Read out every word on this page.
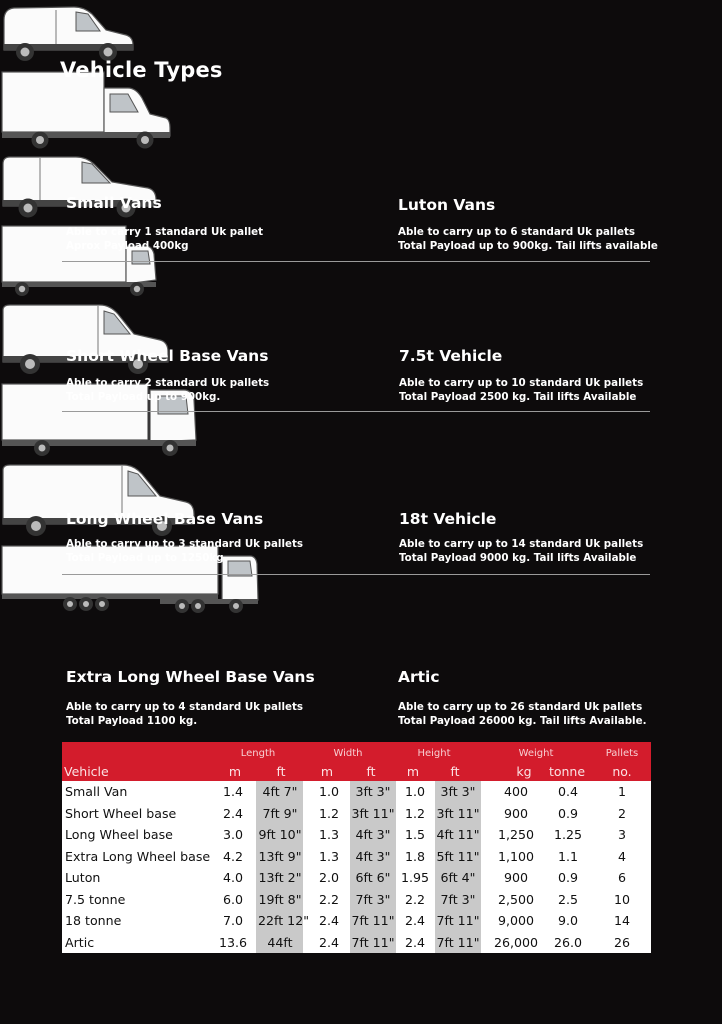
Vehicle Types
Small Vans
Able to carry 1 standard Uk pallet
Aprox Payload 400kg
Luton Vans
Able to carry up to 6 standard Uk pallets
Total Payload up to 900kg. Tail lifts available
Short Wheel Base Vans
Able to carry 2 standard Uk pallets
Total Payload up to 900kg.
7.5t Vehicle
Able to carry up to 10 standard Uk pallets
Total Payload 2500 kg. Tail lifts Available
Long Wheel Base Vans
Able to carry up to 3 standard Uk pallets
Total Payload up to 1250kg.
18t Vehicle
Able to carry up to 14 standard Uk pallets
Total Payload 9000 kg. Tail lifts Available
Extra Long Wheel Base Vans
Able to carry up to 4 standard Uk pallets
Total Payload 1100 kg.
Artic
Able to carry up to 26 standard Uk pallets
Total Payload 26000 kg. Tail lifts Available.
Length	Width	Height	Weight	Pallets
Vehicle	m	ft	m	ft	m	ft	kg	tonne	no.
Small Van	1.4	4ft 7"	1.0	3ft 3"	1.0	3ft 3"	400	0.4	1
Short Wheel base	2.4	7ft 9"	1.2 3ft 11" 1.2 3ft 11"	900	0.9	2
Long Wheel base	3.0	9ft 10"	1.3	4ft 3"	1.5 4ft 11"	1,250	1.25	3
Extra Long Wheel base	4.2	13ft 9"	1.3	4ft 3"	1.8 5ft 11"	1,100	1.1	4
Luton	4.0	13ft 2"	2.0	6ft 6" 1.95 6ft 4"	900	0.9	6
7.5 tonne	6.0	19ft 8"	2.2	7ft 3"	2.2	7ft 3"	2,500	2.5	10
18 tonne	7.0	22ft 12" 2.4 7ft 11" 2.4 7ft 11"	9,000	9.0	14
Artic	13.6	44ft	2.4 7ft 11" 2.4 7ft 11"	26,000	26.0	26
